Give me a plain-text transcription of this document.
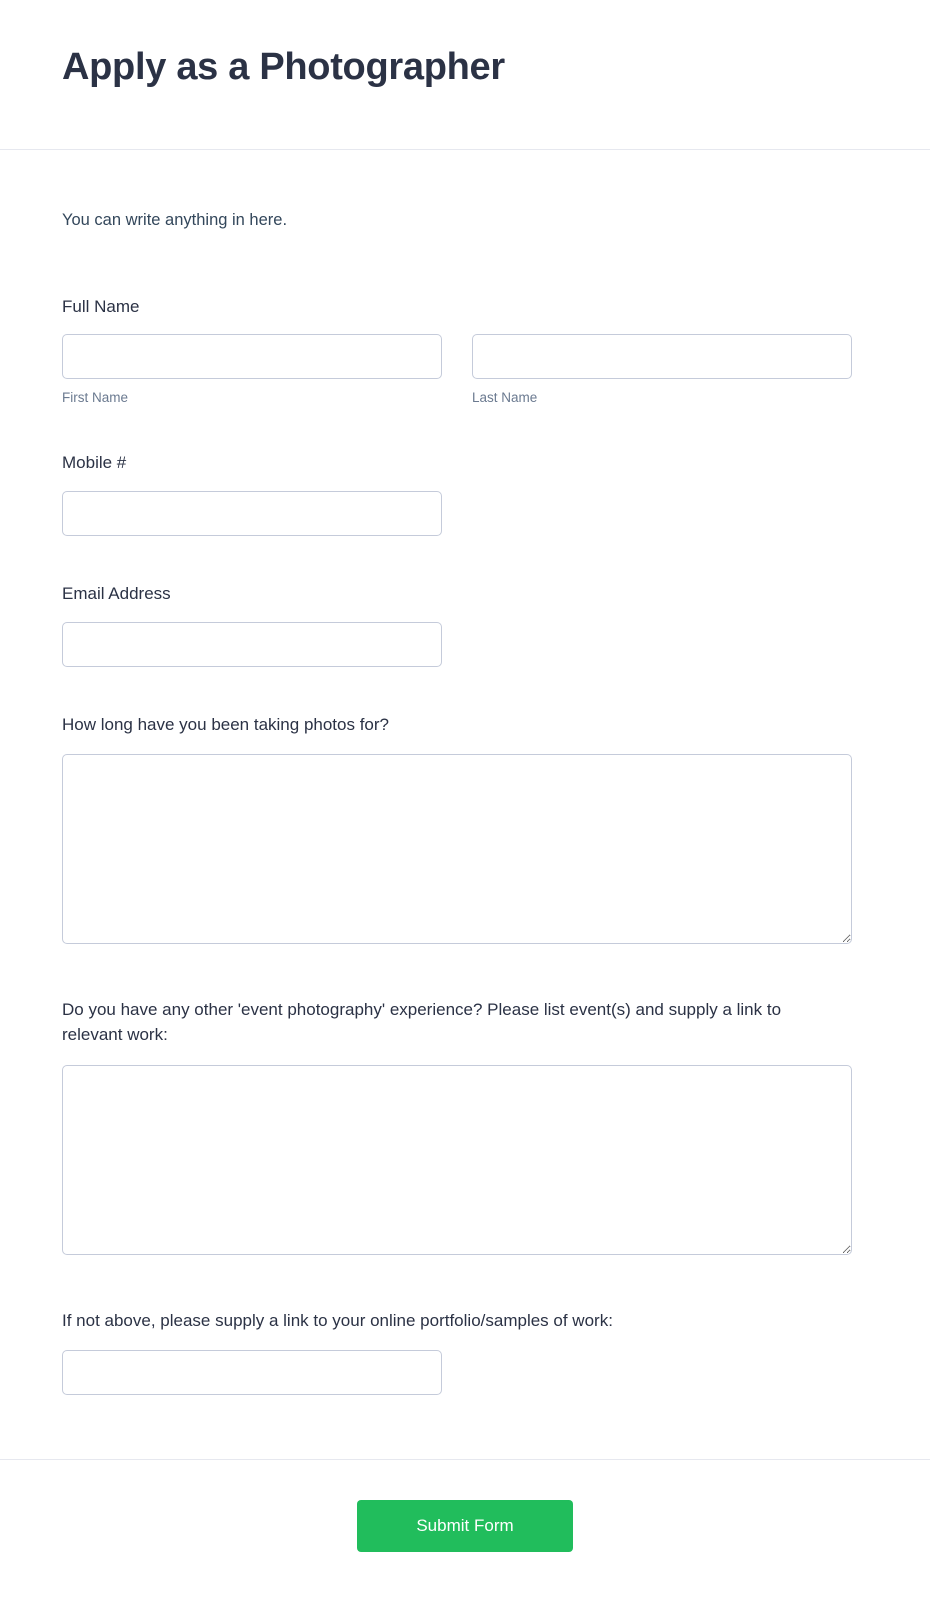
Apply as a Photographer

You can write anything in here.

Full Name
First Name	Last Name
Mobile #
Email Address
How long have you been taking photos for?
Do you have any other 'event photography' experience? Please list event(s) and supply a link to relevant work:
If not above, please supply a link to your online portfolio/samples of work:
Submit Form
